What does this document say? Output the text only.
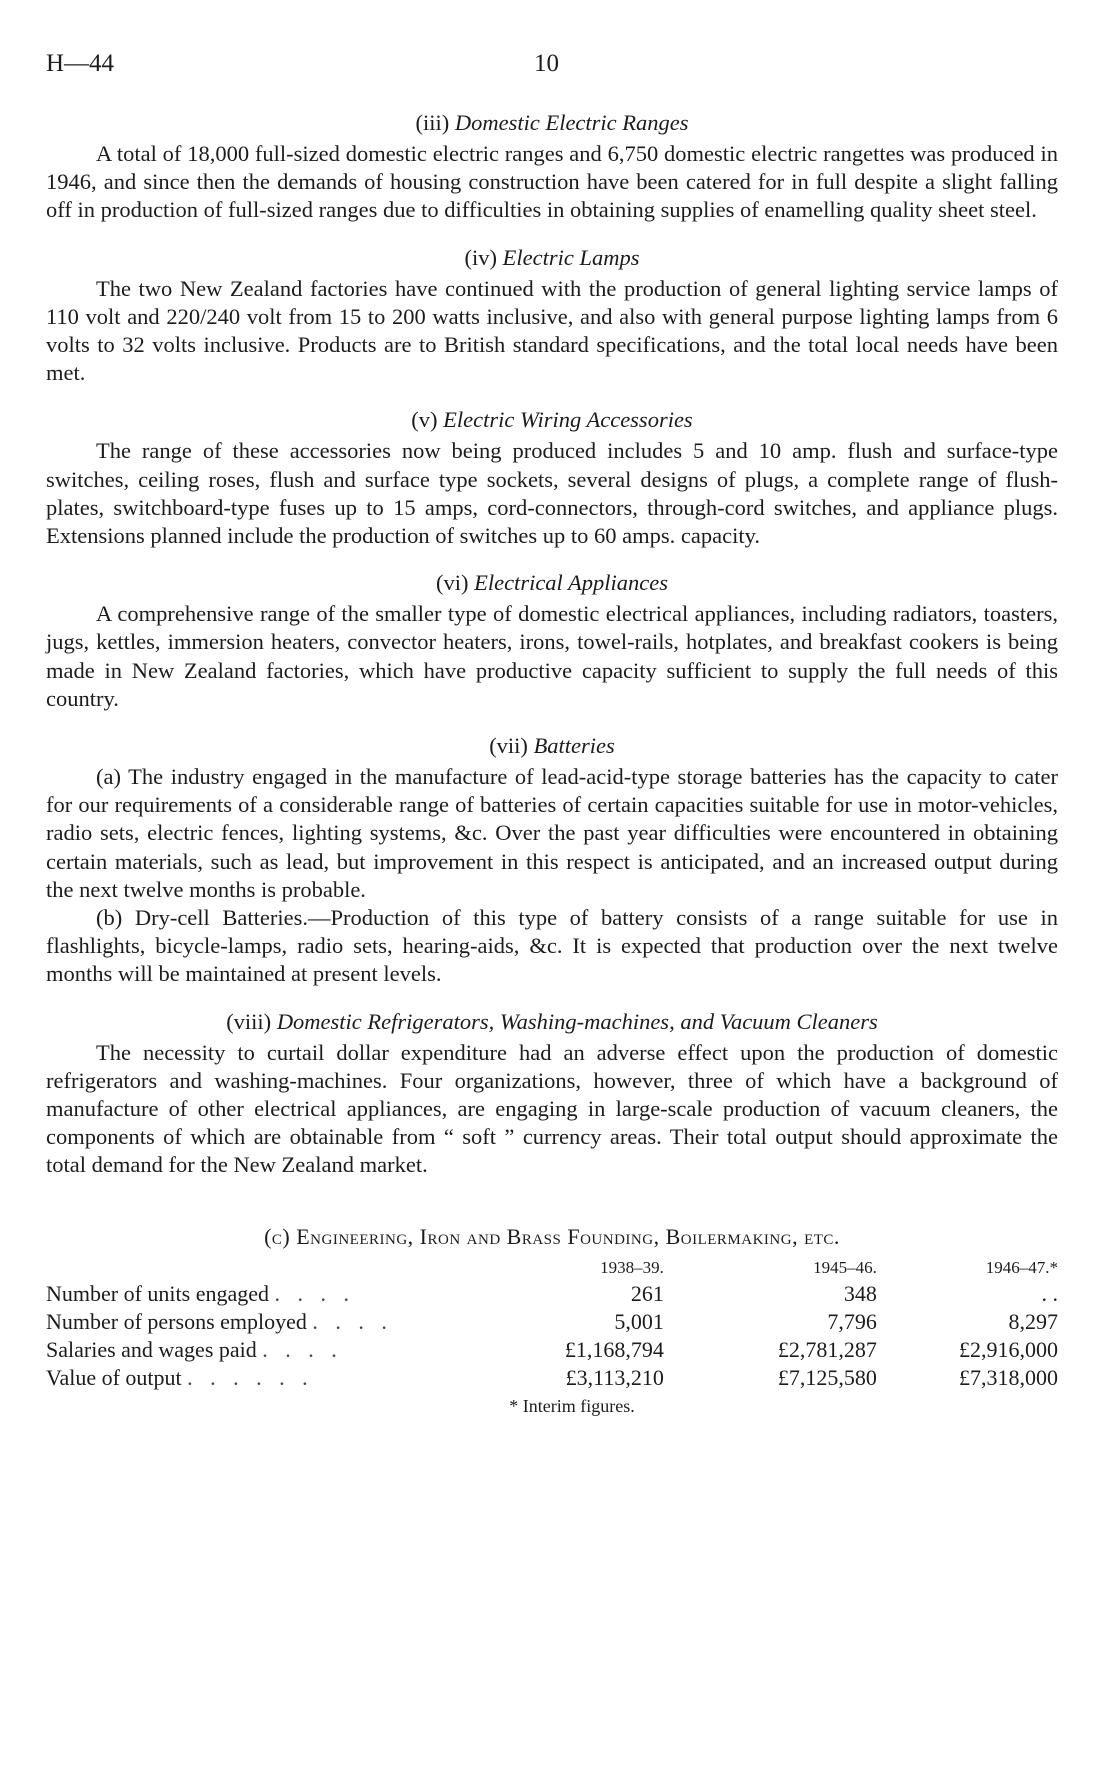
H—44	10
(iii) Domestic Electric Ranges

A total of 18,000 full-sized domestic electric ranges and 6,750 domestic electric rangettes was produced in 1946, and since then the demands of housing construction have been catered for in full despite a slight falling off in production of full-sized ranges due to difficulties in obtaining supplies of enamelling quality sheet steel.

(iv) Electric Lamps

The two New Zealand factories have continued with the production of general lighting service lamps of 110 volt and 220/240 volt from 15 to 200 watts inclusive, and also with general purpose lighting lamps from 6 volts to 32 volts inclusive. Products are to British standard specifications, and the total local needs have been met.

(v) Electric Wiring Accessories

The range of these accessories now being produced includes 5 and 10 amp. flush and surface-type switches, ceiling roses, flush and surface type sockets, several designs of plugs, a complete range of flush-plates, switchboard-type fuses up to 15 amps, cord-connectors, through-cord switches, and appliance plugs. Extensions planned include the production of switches up to 60 amps. capacity.

(vi) Electrical Appliances

A comprehensive range of the smaller type of domestic electrical appliances, including radiators, toasters, jugs, kettles, immersion heaters, convector heaters, irons, towel-rails, hotplates, and breakfast cookers is being made in New Zealand factories, which have productive capacity sufficient to supply the full needs of this country.

(vii) Batteries

(a) The industry engaged in the manufacture of lead-acid-type storage batteries has the capacity to cater for our requirements of a considerable range of batteries of certain capacities suitable for use in motor-vehicles, radio sets, electric fences, lighting systems, &c. Over the past year difficulties were encountered in obtaining certain materials, such as lead, but improvement in this respect is anticipated, and an increased output during the next twelve months is probable.

(b) Dry-cell Batteries.—Production of this type of battery consists of a range suitable for use in flashlights, bicycle-lamps, radio sets, hearing-aids, &c. It is expected that production over the next twelve months will be maintained at present levels.

(viii) Domestic Refrigerators, Washing-machines, and Vacuum Cleaners

The necessity to curtail dollar expenditure had an adverse effect upon the production of domestic refrigerators and washing-machines. Four organizations, however, three of which have a background of manufacture of other electrical appliances, are engaging in large-scale production of vacuum cleaners, the components of which are obtainable from “ soft ” currency areas. Their total output should approximate the total demand for the New Zealand market.

(c) Engineering, Iron and Brass Founding, Boilermaking, etc.
	1938–39.	1945–46.	1946–47.*
Number of units engaged . . . .	261	348	. .
Number of persons employed . . . .	5,001	7,796	8,297
Salaries and wages paid . . . .	£1,168,794	£2,781,287	£2,916,000
Value of output . . . . . .	£3,113,210	£7,125,580	£7,318,000
* Interim figures.
